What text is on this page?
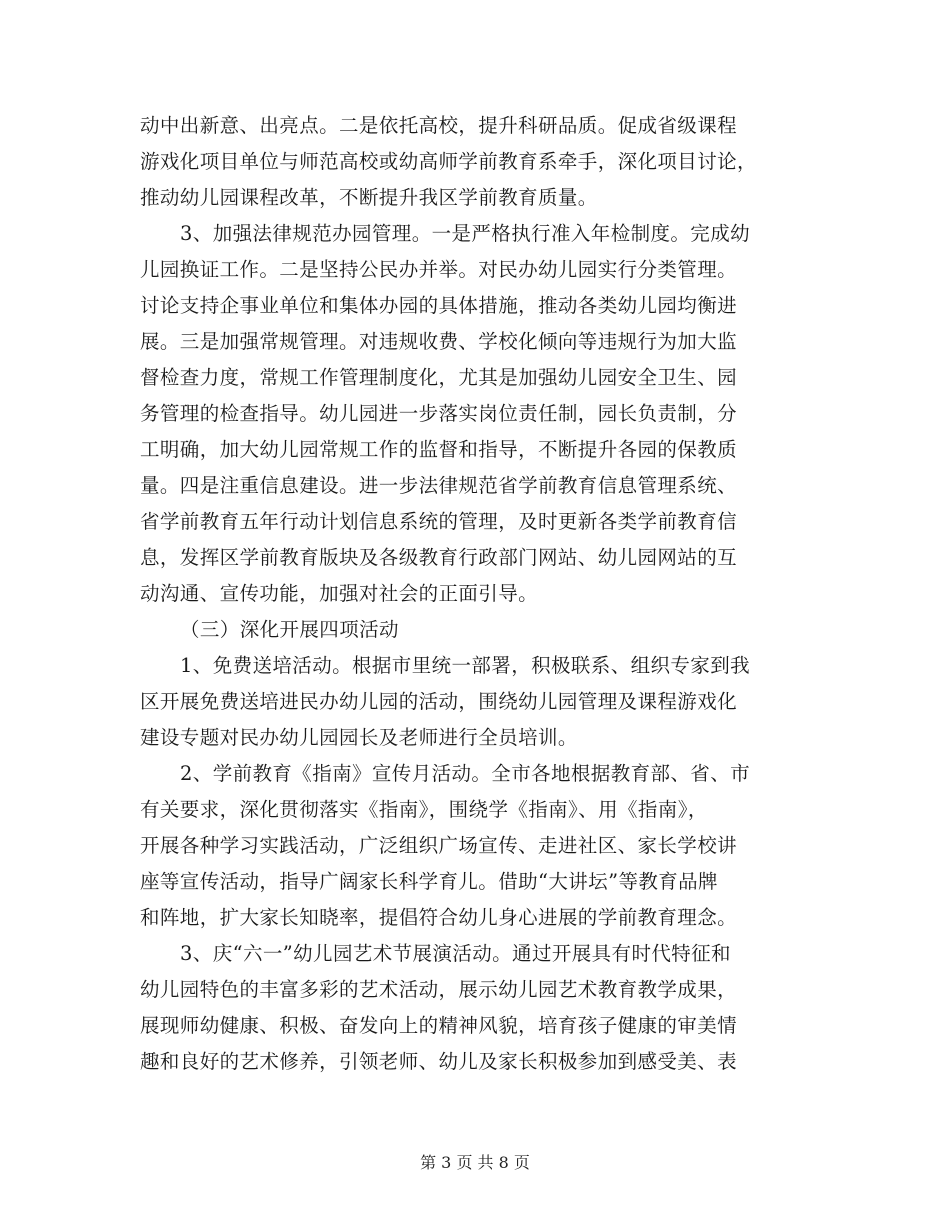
动中出新意、出亮点。二是依托高校，提升科研品质。促成省级课程
游戏化项目单位与师范高校或幼高师学前教育系牵手，深化项目讨论，
推动幼儿园课程改革，不断提升我区学前教育质量。
3、加强法律规范办园管理。一是严格执行准入年检制度。完成幼
儿园换证工作。二是坚持公民办并举。对民办幼儿园实行分类管理。
讨论支持企事业单位和集体办园的具体措施，推动各类幼儿园均衡进
展。三是加强常规管理。对违规收费、学校化倾向等违规行为加大监
督检查力度，常规工作管理制度化，尤其是加强幼儿园安全卫生、园
务管理的检查指导。幼儿园进一步落实岗位责任制，园长负责制，分
工明确，加大幼儿园常规工作的监督和指导，不断提升各园的保教质
量。四是注重信息建设。进一步法律规范省学前教育信息管理系统、
省学前教育五年行动计划信息系统的管理，及时更新各类学前教育信
息，发挥区学前教育版块及各级教育行政部门网站、幼儿园网站的互
动沟通、宣传功能，加强对社会的正面引导。
（三）深化开展四项活动
1、免费送培活动。根据市里统一部署，积极联系、组织专家到我
区开展免费送培进民办幼儿园的活动，围绕幼儿园管理及课程游戏化
建设专题对民办幼儿园园长及老师进行全员培训。
2、学前教育《指南》宣传月活动。全市各地根据教育部、省、市
有关要求，深化贯彻落实《指南》，围绕学《指南》、用《指南》，
开展各种学习实践活动，广泛组织广场宣传、走进社区、家长学校讲
座等宣传活动，指导广阔家长科学育儿。借助“大讲坛”等教育品牌
和阵地，扩大家长知晓率，提倡符合幼儿身心进展的学前教育理念。
3、庆“六一”幼儿园艺术节展演活动。通过开展具有时代特征和
幼儿园特色的丰富多彩的艺术活动，展示幼儿园艺术教育教学成果，
展现师幼健康、积极、奋发向上的精神风貌，培育孩子健康的审美情
趣和良好的艺术修养，引领老师、幼儿及家长积极参加到感受美、表
第 3 页 共 8 页
